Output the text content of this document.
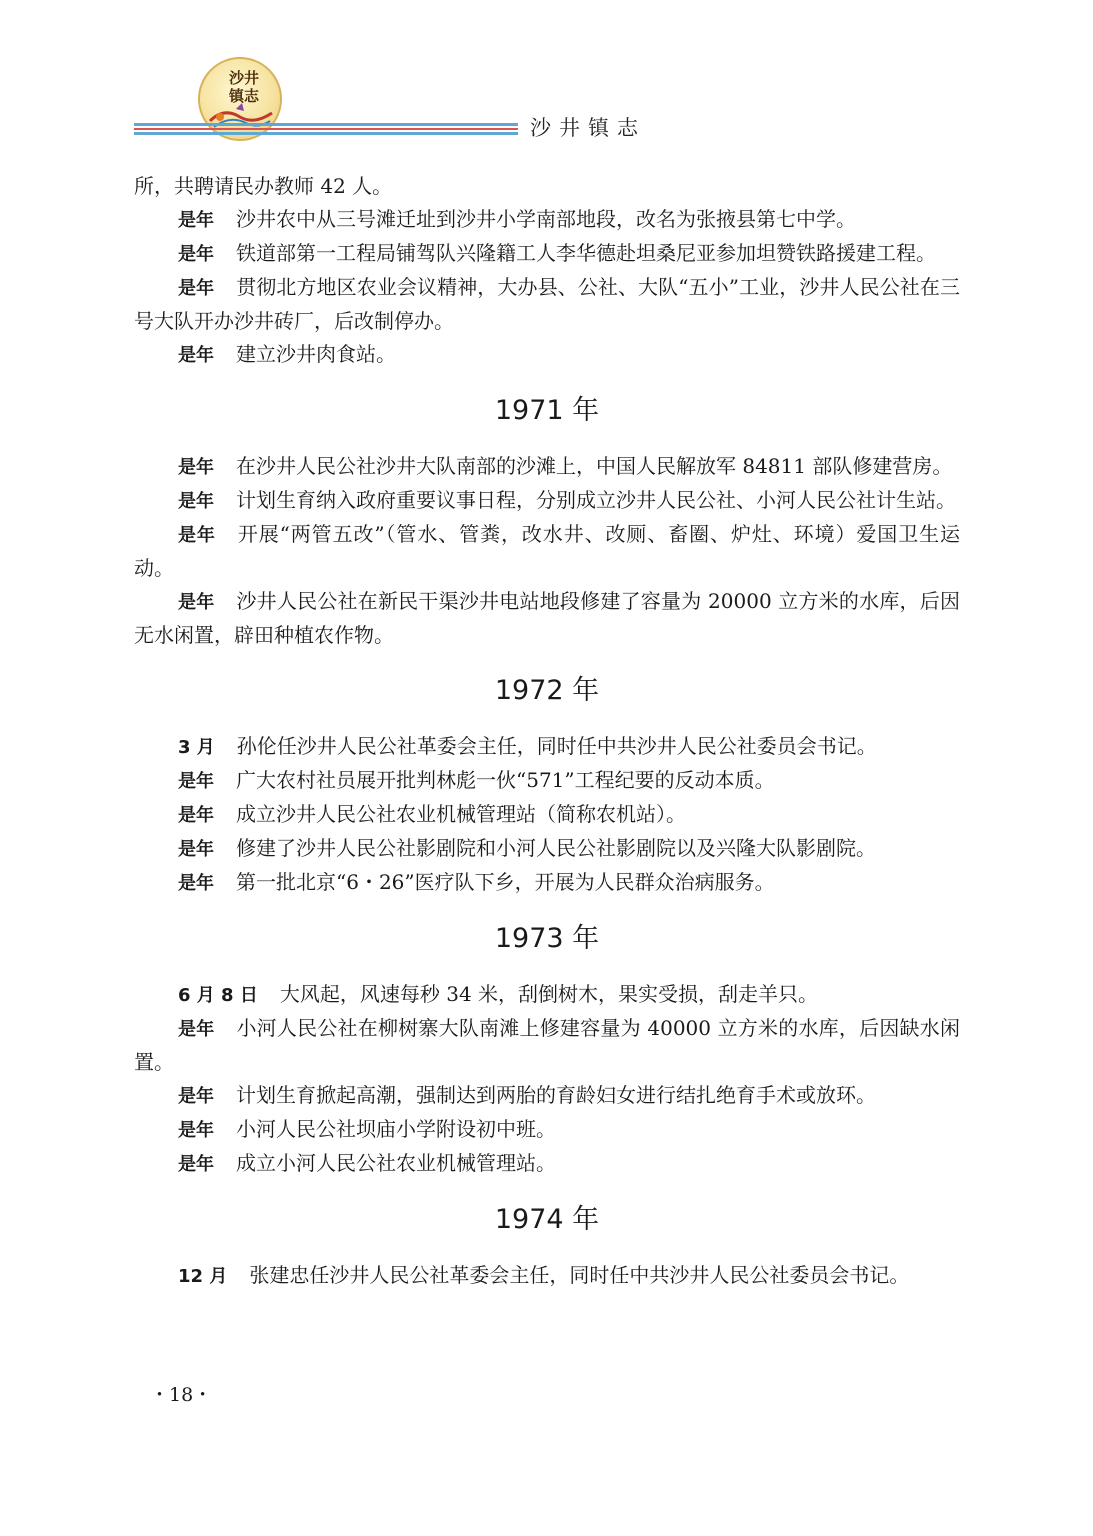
沙井镇志
沙井镇志

所，共聘请民办教师 42 人。

是年 沙井农中从三号滩迁址到沙井小学南部地段，改名为张掖县第七中学。

是年 铁道部第一工程局铺驾队兴隆籍工人李华德赴坦桑尼亚参加坦赞铁路援建工程。

是年 贯彻北方地区农业会议精神，大办县、公社、大队“五小”工业，沙井人民公社在三号大队开办沙井砖厂，后改制停办。

是年 建立沙井肉食站。

1971 年

是年 在沙井人民公社沙井大队南部的沙滩上，中国人民解放军 84811 部队修建营房。

是年 计划生育纳入政府重要议事日程，分别成立沙井人民公社、小河人民公社计生站。

是年 开展“两管五改”（管水、管粪，改水井、改厕、畜圈、炉灶、环境）爱国卫生运动。

是年 沙井人民公社在新民干渠沙井电站地段修建了容量为 20000 立方米的水库，后因无水闲置，辟田种植农作物。

1972 年

3 月 孙伦任沙井人民公社革委会主任，同时任中共沙井人民公社委员会书记。

是年 广大农村社员展开批判林彪一伙“571”工程纪要的反动本质。

是年 成立沙井人民公社农业机械管理站（简称农机站）。

是年 修建了沙井人民公社影剧院和小河人民公社影剧院以及兴隆大队影剧院。

是年 第一批北京“6・26”医疗队下乡，开展为人民群众治病服务。

1973 年

6 月 8 日 大风起，风速每秒 34 米，刮倒树木，果实受损，刮走羊只。

是年 小河人民公社在柳树寨大队南滩上修建容量为 40000 立方米的水库，后因缺水闲置。

是年 计划生育掀起高潮，强制达到两胎的育龄妇女进行结扎绝育手术或放环。

是年 小河人民公社坝庙小学附设初中班。

是年 成立小河人民公社农业机械管理站。

1974 年

12 月 张建忠任沙井人民公社革委会主任，同时任中共沙井人民公社委员会书记。

・18・
